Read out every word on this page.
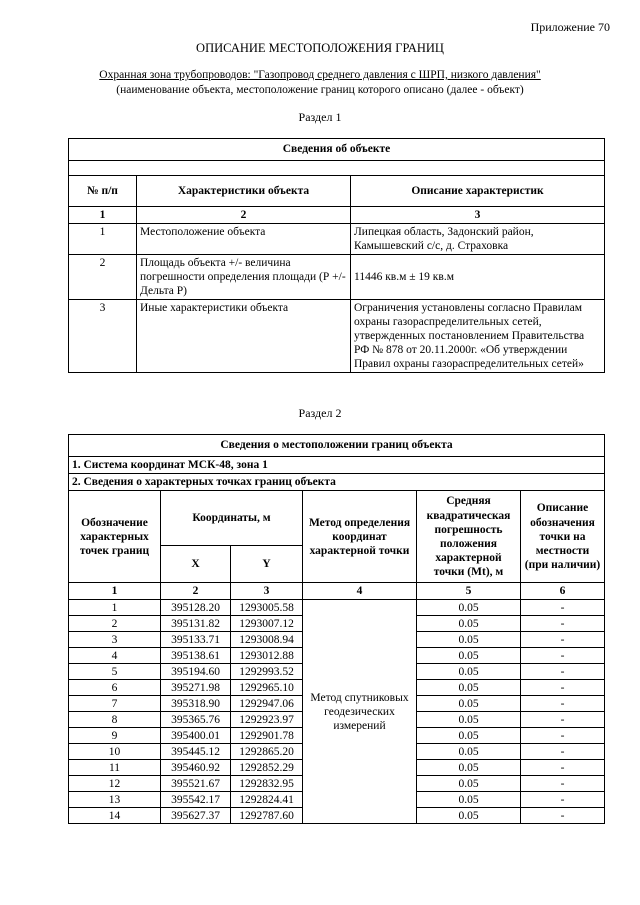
Приложение 70
ОПИСАНИЕ МЕСТОПОЛОЖЕНИЯ ГРАНИЦ
Охранная зона трубопроводов: "Газопровод среднего давления с ШРП, низкого давления"
(наименование объекта, местоположение границ которого описано (далее - объект)
Раздел 1
Сведения об объекте		

№ п/п	Характеристики объекта	Описание характеристик
1	2	3
1	Местоположение объекта	Липецкая область, Задонский район, Камышевский с/с, д. Страховка
2	Площадь объекта +/- величина погрешности определения площади (Р +/- Дельта Р)	11446 кв.м ± 19 кв.м
3	Иные характеристики объекта	Ограничения установлены согласно Правилам охраны газораспределительных сетей, утвержденных постановлением Правительства РФ № 878 от 20.11.2000г. «Об утверждении Правил охраны газораспределительных сетей»
Раздел 2
Сведения о местоположении границ объекта					
1. Система координат МСК-48, зона 1					
2. Сведения о характерных точках границ объекта					
Обозначение характерных точек границ	Координаты, м		Метод определения координат характерной точки	Средняя квадратическая погрешность положения характерной точки (Mt), м	Описание обозначения точки на местности (при наличии)
	X	Y			
1	2	3	4	5	6
1	395128.20	1293005.58	Метод спутниковых геодезических измерений	0.05	-
2	395131.82	1293007.12		0.05	-
3	395133.71	1293008.94		0.05	-
4	395138.61	1293012.88		0.05	-
5	395194.60	1292993.52		0.05	-
6	395271.98	1292965.10		0.05	-
7	395318.90	1292947.06		0.05	-
8	395365.76	1292923.97		0.05	-
9	395400.01	1292901.78		0.05	-
10	395445.12	1292865.20		0.05	-
11	395460.92	1292852.29		0.05	-
12	395521.67	1292832.95		0.05	-
13	395542.17	1292824.41		0.05	-
14	395627.37	1292787.60		0.05	-
